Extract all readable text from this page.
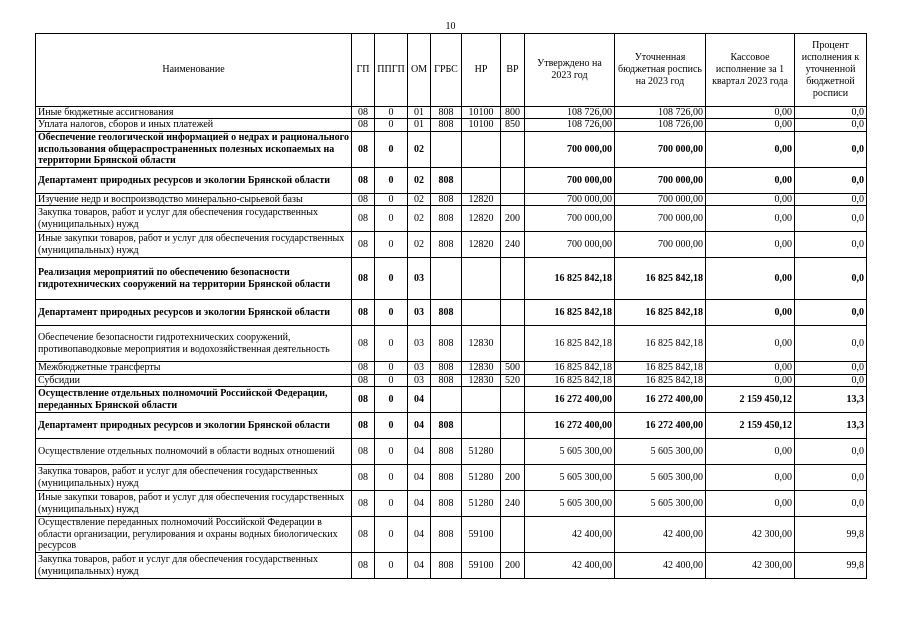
10
Наименование	ГП	ППГП	ОМ	ГРБС	НР	ВР	Утверждено на 2023 год	Уточненная бюджетная роспись на 2023 год	Кассовое исполнение за 1 квартал 2023 года	Процент исполнения к уточненной бюджетной росписи
Иные бюджетные ассигнования	08	0	01	808	10100	800	108 726,00	108 726,00	0,00	0,0
Уплата налогов, сборов и иных платежей	08	0	01	808	10100	850	108 726,00	108 726,00	0,00	0,0
Обеспечение геологической информацией о недрах и рационального использования общераспространенных полезных ископаемых на территории Брянской области	08	0	02				700 000,00	700 000,00	0,00	0,0
Департамент природных ресурсов и экологии Брянской области	08	0	02	808			700 000,00	700 000,00	0,00	0,0
Изучение недр и воспроизводство минерально-сырьевой базы	08	0	02	808	12820		700 000,00	700 000,00	0,00	0,0
Закупка товаров, работ и услуг для обеспечения государственных (муниципальных) нужд	08	0	02	808	12820	200	700 000,00	700 000,00	0,00	0,0
Иные закупки товаров, работ и услуг для обеспечения государственных (муниципальных) нужд	08	0	02	808	12820	240	700 000,00	700 000,00	0,00	0,0
Реализация мероприятий по обеспечению безопасности гидротехнических сооружений на территории Брянской области	08	0	03				16 825 842,18	16 825 842,18	0,00	0,0
Департамент природных ресурсов и экологии Брянской области	08	0	03	808			16 825 842,18	16 825 842,18	0,00	0,0
Обеспечение безопасности гидротехнических сооружений, противопаводковые мероприятия и водохозяйственная деятельность	08	0	03	808	12830		16 825 842,18	16 825 842,18	0,00	0,0
Межбюджетные трансферты	08	0	03	808	12830	500	16 825 842,18	16 825 842,18	0,00	0,0
Субсидии	08	0	03	808	12830	520	16 825 842,18	16 825 842,18	0,00	0,0
Осуществление отдельных полномочий Российской Федерации, переданных Брянской области	08	0	04				16 272 400,00	16 272 400,00	2 159 450,12	13,3
Департамент природных ресурсов и экологии Брянской области	08	0	04	808			16 272 400,00	16 272 400,00	2 159 450,12	13,3
Осуществление отдельных полномочий в области водных отношений	08	0	04	808	51280		5 605 300,00	5 605 300,00	0,00	0,0
Закупка товаров, работ и услуг для обеспечения государственных (муниципальных) нужд	08	0	04	808	51280	200	5 605 300,00	5 605 300,00	0,00	0,0
Иные закупки товаров, работ и услуг для обеспечения государственных (муниципальных) нужд	08	0	04	808	51280	240	5 605 300,00	5 605 300,00	0,00	0,0
Осуществление переданных полномочий Российской Федерации в области организации, регулирования и охраны водных биологических ресурсов	08	0	04	808	59100		42 400,00	42 400,00	42 300,00	99,8
Закупка товаров, работ и услуг для обеспечения государственных (муниципальных) нужд	08	0	04	808	59100	200	42 400,00	42 400,00	42 300,00	99,8
